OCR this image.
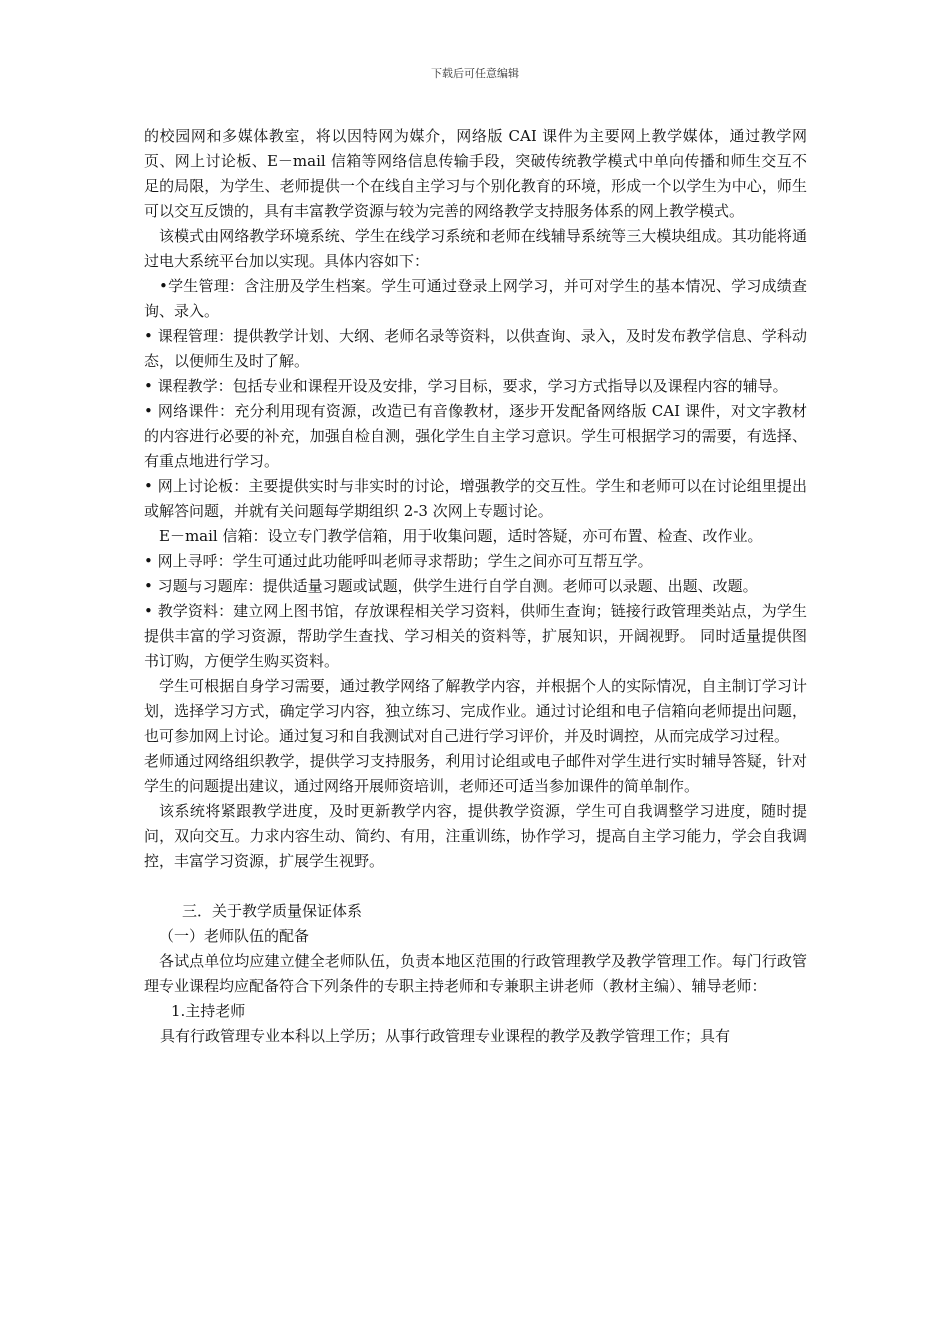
下载后可任意编辑

的校园网和多媒体教室，将以因特网为媒介，网络版 CAI 课件为主要网上教学媒体，通过教学网页、网上讨论板、E－mail 信箱等网络信息传输手段，突破传统教学模式中单向传播和师生交互不足的局限，为学生、老师提供一个在线自主学习与个别化教育的环境，形成一个以学生为中心，师生可以交互反馈的，具有丰富教学资源与较为完善的网络教学支持服务体系的网上教学模式。

该模式由网络教学环境系统、学生在线学习系统和老师在线辅导系统等三大模块组成。其功能将通过电大系统平台加以实现。具体内容如下：

•学生管理：含注册及学生档案。学生可通过登录上网学习，并可对学生的基本情况、学习成绩查询、录入。

• 课程管理：提供教学计划、大纲、老师名录等资料，以供查询、录入，及时发布教学信息、学科动态，以便师生及时了解。

• 课程教学：包括专业和课程开设及安排，学习目标，要求，学习方式指导以及课程内容的辅导。

• 网络课件：充分利用现有资源，改造已有音像教材，逐步开发配备网络版 CAI 课件，对文字教材的内容进行必要的补充，加强自检自测，强化学生自主学习意识。学生可根据学习的需要，有选择、有重点地进行学习。

• 网上讨论板：主要提供实时与非实时的讨论，增强教学的交互性。学生和老师可以在讨论组里提出或解答问题，并就有关问题每学期组织 2-3 次网上专题讨论。

E－mail 信箱：设立专门教学信箱，用于收集问题，适时答疑，亦可布置、检查、改作业。

• 网上寻呼：学生可通过此功能呼叫老师寻求帮助；学生之间亦可互帮互学。

• 习题与习题库：提供适量习题或试题，供学生进行自学自测。老师可以录题、出题、改题。

• 教学资料：建立网上图书馆，存放课程相关学习资料，供师生查询；链接行政管理类站点，为学生提供丰富的学习资源，帮助学生查找、学习相关的资料等，扩展知识，开阔视野。 同时适量提供图书订购，方便学生购买资料。

学生可根据自身学习需要，通过教学网络了解教学内容，并根据个人的实际情况，自主制订学习计划，选择学习方式，确定学习内容，独立练习、完成作业。通过讨论组和电子信箱向老师提出问题，也可参加网上讨论。通过复习和自我测试对自己进行学习评价，并及时调控，从而完成学习过程。

老师通过网络组织教学，提供学习支持服务，利用讨论组或电子邮件对学生进行实时辅导答疑，针对学生的问题提出建议，通过网络开展师资培训，老师还可适当参加课件的简单制作。

该系统将紧跟教学进度，及时更新教学内容，提供教学资源，学生可自我调整学习进度，随时提问，双向交互。力求内容生动、简约、有用，注重训练，协作学习，提高自主学习能力，学会自我调控，丰富学习资源，扩展学生视野。

三．关于教学质量保证体系

（一）老师队伍的配备

各试点单位均应建立健全老师队伍，负责本地区范围的行政管理教学及教学管理工作。每门行政管理专业课程均应配备符合下列条件的专职主持老师和专兼职主讲老师（教材主编）、辅导老师：

1.主持老师

具有行政管理专业本科以上学历；从事行政管理专业课程的教学及教学管理工作；具有
